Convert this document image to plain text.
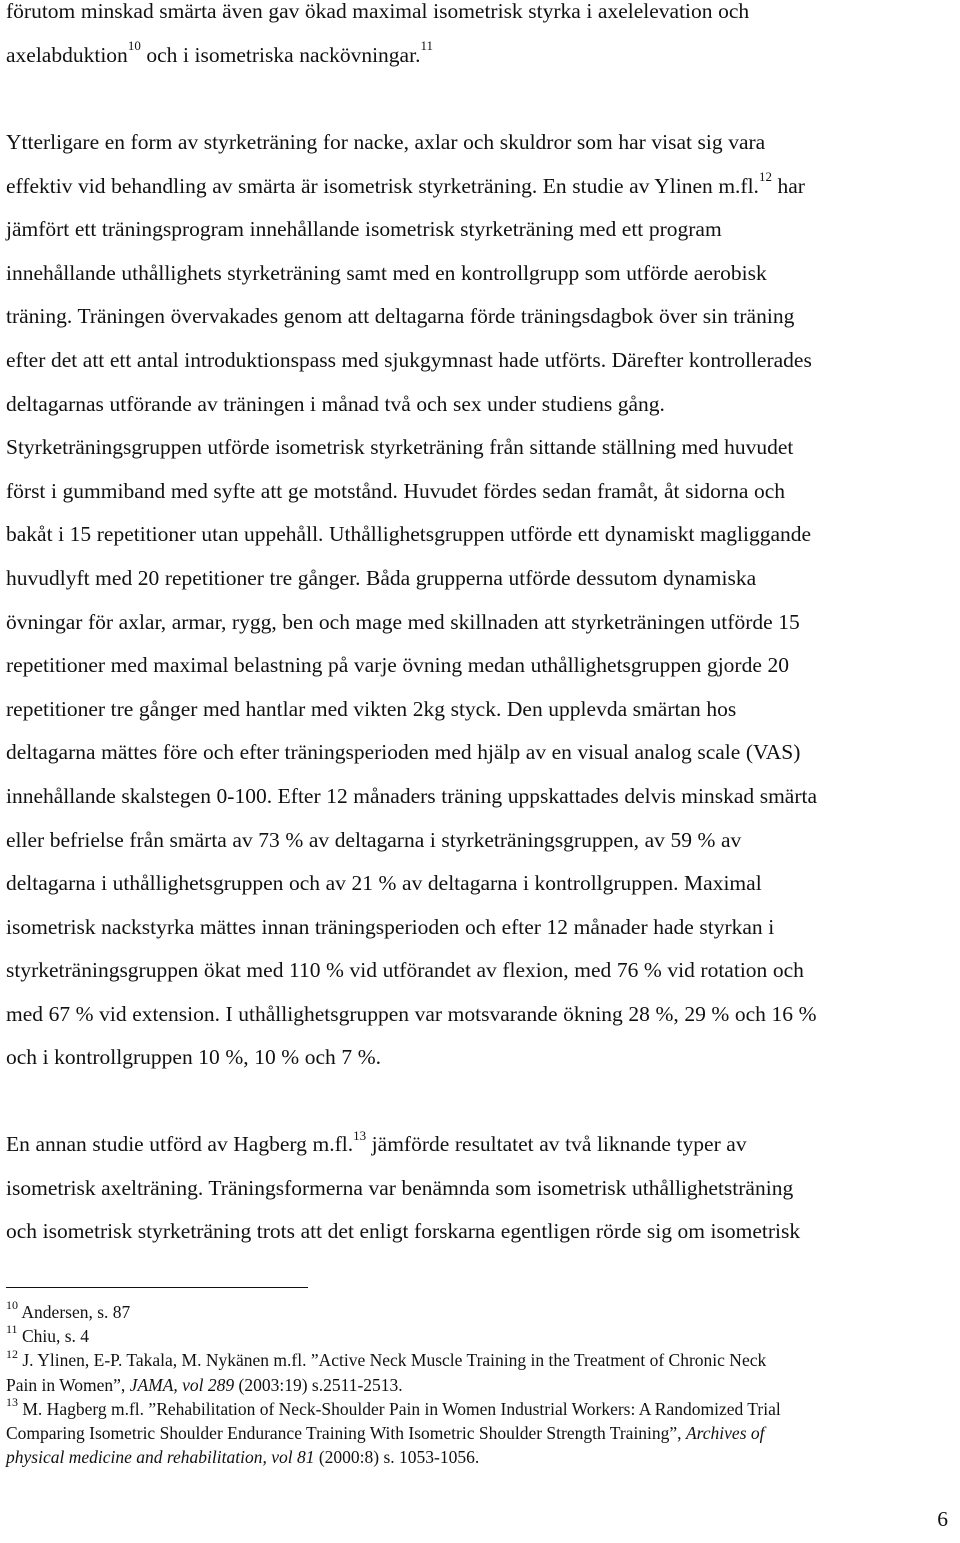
förutom minskad smärta även gav ökad maximal isometrisk styrka i axelelevation och
axelabduktion$^{10}$ och i isometriska nackövningar.$^{11}$
Ytterligare en form av styrketräning for nacke, axlar och skuldror som har visat sig vara
effektiv vid behandling av smärta är isometrisk styrketräning. En studie av Ylinen m.fl.$^{12}$ har
jämfört ett träningsprogram innehållande isometrisk styrketräning med ett program
innehållande uthållighets styrketräning samt med en kontrollgrupp som utförde aerobisk
träning. Träningen övervakades genom att deltagarna förde träningsdagbok över sin träning
efter det att ett antal introduktionspass med sjukgymnast hade utförts. Därefter kontrollerades
deltagarnas utförande av träningen i månad två och sex under studiens gång.
Styrketräningsgruppen utförde isometrisk styrketräning från sittande ställning med huvudet
först i gummiband med syfte att ge motstånd. Huvudet fördes sedan framåt, åt sidorna och
bakåt i 15 repetitioner utan uppehåll. Uthållighetsgruppen utförde ett dynamiskt magliggande
huvudlyft med 20 repetitioner tre gånger. Båda grupperna utförde dessutom dynamiska
övningar för axlar, armar, rygg, ben och mage med skillnaden att styrketräningen utförde 15
repetitioner med maximal belastning på varje övning medan uthållighetsgruppen gjorde 20
repetitioner tre gånger med hantlar med vikten 2kg styck. Den upplevda smärtan hos
deltagarna mättes före och efter träningsperioden med hjälp av en visual analog scale (VAS)
innehållande skalstegen 0-100. Efter 12 månaders träning uppskattades delvis minskad smärta
eller befrielse från smärta av 73 % av deltagarna i styrketräningsgruppen, av 59 % av
deltagarna i uthållighetsgruppen och av 21 % av deltagarna i kontrollgruppen. Maximal
isometrisk nackstyrka mättes innan träningsperioden och efter 12 månader hade styrkan i
styrketräningsgruppen ökat med 110 % vid utförandet av flexion, med 76 % vid rotation och
med 67 % vid extension. I uthållighetsgruppen var motsvarande ökning 28 %, 29 % och 16 %
och i kontrollgruppen 10 %, 10 % och 7 %.
En annan studie utförd av Hagberg m.fl.$^{13}$ jämförde resultatet av två liknande typer av
isometrisk axelträning. Träningsformerna var benämnda som isometrisk uthållighetsträning
och isometrisk styrketräning trots att det enligt forskarna egentligen rörde sig om isometrisk
$^{10}$ Andersen, s. 87
$^{11}$ Chiu, s. 4
$^{12}$ J. Ylinen, E-P. Takala, M. Nykänen m.fl. ”Active Neck Muscle Training in the Treatment of Chronic Neck
Pain in Women”, JAMA, vol 289 (2003:19) s.2511-2513.
$^{13}$ M. Hagberg m.fl. ”Rehabilitation of Neck-Shoulder Pain in Women Industrial Workers: A Randomized Trial
Comparing Isometric Shoulder Endurance Training With Isometric Shoulder Strength Training”, Archives of
physical medicine and rehabilitation, vol 81 (2000:8) s. 1053-1056.
6
